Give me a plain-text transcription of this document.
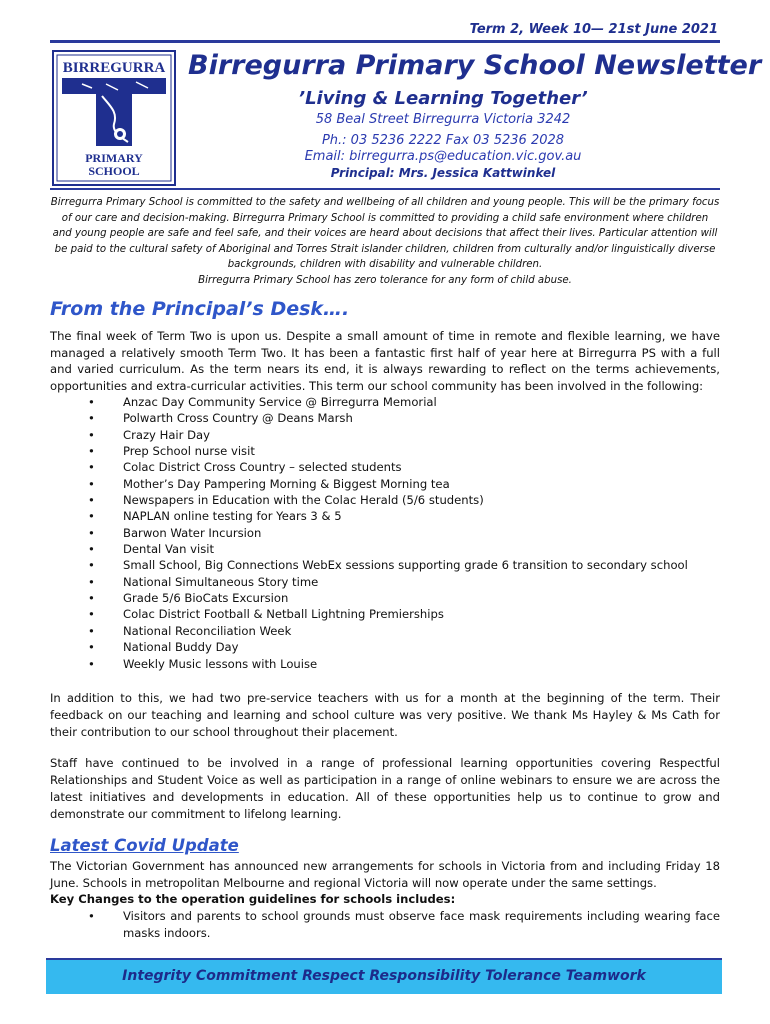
Term 2, Week 10— 21st June 2021
BIRREGURRA
PRIMARY
SCHOOL
Birregurra Primary School Newsletter
’Living & Learning Together’
58 Beal Street Birregurra Victoria 3242
Ph.: 03 5236 2222 Fax 03 5236 2028
Email: birregurra.ps@education.vic.gov.au
Principal: Mrs. Jessica Kattwinkel
Birregurra Primary School is committed to the safety and wellbeing of all children and young people. This will be the primary focus
of our care and decision-making. Birregurra Primary School is committed to providing a child safe environment where children
and young people are safe and feel safe, and their voices are heard about decisions that affect their lives. Particular attention will
be paid to the cultural safety of Aboriginal and Torres Strait islander children, children from culturally and/or linguistically diverse
backgrounds, children with disability and vulnerable children.
Birregurra Primary School has zero tolerance for any form of child abuse.
From the Principal’s Desk….

The final week of Term Two is upon us. Despite a small amount of time in remote and flexible learning, we have managed a relatively smooth Term Two. It has been a fantastic first half of year here at Birregurra PS with a full and varied curriculum. As the term nears its end, it is always rewarding to reflect on the terms achievements, opportunities and extra-curricular activities. This term our school community has been involved in the following:

• Anzac Day Community Service @ Birregurra Memorial
• Polwarth Cross Country @ Deans Marsh
• Crazy Hair Day
• Prep School nurse visit
• Colac District Cross Country – selected students
• Mother’s Day Pampering Morning & Biggest Morning tea
• Newspapers in Education with the Colac Herald (5/6 students)
• NAPLAN online testing for Years 3 & 5
• Barwon Water Incursion
• Dental Van visit
• Small School, Big Connections WebEx sessions supporting grade 6 transition to secondary school
• National Simultaneous Story time
• Grade 5/6 BioCats Excursion
• Colac District Football & Netball Lightning Premierships
• National Reconciliation Week
• National Buddy Day
• Weekly Music lessons with Louise

In addition to this, we had two pre-service teachers with us for a month at the beginning of the term. Their feedback on our teaching and learning and school culture was very positive. We thank Ms Hayley & Ms Cath for their contribution to our school throughout their placement.

Staff have continued to be involved in a range of professional learning opportunities covering Respectful Relationships and Student Voice as well as participation in a range of online webinars to ensure we are across the latest initiatives and developments in education. All of these opportunities help us to continue to grow and demonstrate our commitment to lifelong learning.

Latest Covid Update

The Victorian Government has announced new arrangements for schools in Victoria from and including Friday 18 June. Schools in metropolitan Melbourne and regional Victoria will now operate under the same settings.

Key Changes to the operation guidelines for schools includes:

• Visitors and parents to school grounds must observe face mask requirements including wearing face masks indoors.
Integrity Commitment Respect Responsibility Tolerance Teamwork
